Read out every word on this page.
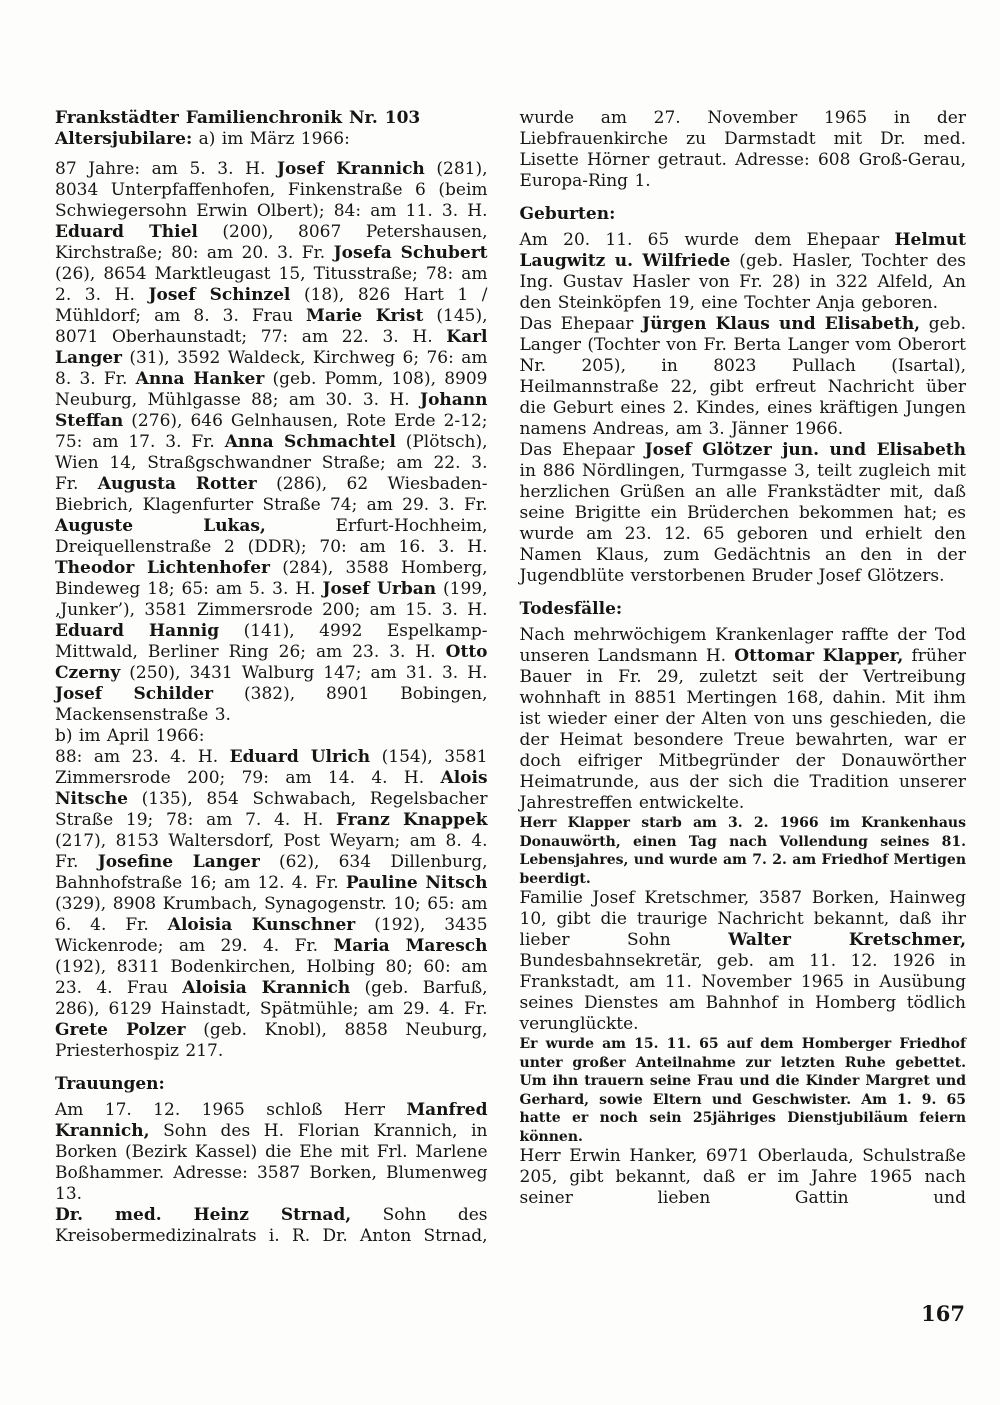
Frankstädter Familienchronik Nr. 103

Altersjubilare: a) im März 1966:

87 Jahre: am 5. 3. H. Josef Krannich (281), 8034 Unterpfaffenhofen, Finkenstraße 6 (beim Schwiegersohn Erwin Olbert); 84: am 11. 3. H. Eduard Thiel (200), 8067 Petershausen, Kirchstraße; 80: am 20. 3. Fr. Josefa Schubert (26), 8654 Marktleugast 15, Titusstraße; 78: am 2. 3. H. Josef Schinzel (18), 826 Hart 1 / Mühldorf; am 8. 3. Frau Marie Krist (145), 8071 Oberhaunstadt; 77: am 22. 3. H. Karl Langer (31), 3592 Waldeck, Kirchweg 6; 76: am 8. 3. Fr. Anna Hanker (geb. Pomm, 108), 8909 Neuburg, Mühlgasse 88; am 30. 3. H. Johann Steffan (276), 646 Gelnhausen, Rote Erde 2-12; 75: am 17. 3. Fr. Anna Schmachtel (Plötsch), Wien 14, Straßgschwandner Straße; am 22. 3. Fr. Augusta Rotter (286), 62 Wiesbaden-Biebrich, Klagenfurter Straße 74; am 29. 3. Fr. Auguste Lukas, Erfurt-Hochheim, Dreiquellenstraße 2 (DDR); 70: am 16. 3. H. Theodor Lichtenhofer (284), 3588 Homberg, Bindeweg 18; 65: am 5. 3. H. Josef Urban (199, ‚Junker’), 3581 Zimmersrode 200; am 15. 3. H. Eduard Hannig (141), 4992 Espelkamp-Mittwald, Berliner Ring 26; am 23. 3. H. Otto Czerny (250), 3431 Walburg 147; am 31. 3. H. Josef Schilder (382), 8901 Bobingen, Mackensenstraße 3.

b) im April 1966:

88: am 23. 4. H. Eduard Ulrich (154), 3581 Zimmersrode 200; 79: am 14. 4. H. Alois Nitsche (135), 854 Schwabach, Regelsbacher Straße 19; 78: am 7. 4. H. Franz Knappek (217), 8153 Waltersdorf, Post Weyarn; am 8. 4. Fr. Josefine Langer (62), 634 Dillenburg, Bahnhofstraße 16; am 12. 4. Fr. Pauline Nitsch (329), 8908 Krumbach, Synagogenstr. 10; 65: am 6. 4. Fr. Aloisia Kunschner (192), 3435 Wickenrode; am 29. 4. Fr. Maria Maresch (192), 8311 Bodenkirchen, Holbing 80; 60: am 23. 4. Frau Aloisia Krannich (geb. Barfuß, 286), 6129 Hainstadt, Spätmühle; am 29. 4. Fr. Grete Polzer (geb. Knobl), 8858 Neuburg, Priesterhospiz 217.

Trauungen:

Am 17. 12. 1965 schloß Herr Manfred Krannich, Sohn des H. Florian Krannich, in Borken (Bezirk Kassel) die Ehe mit Frl. Marlene Boßhammer. Adresse: 3587 Borken, Blumenweg 13.

Dr. med. Heinz Strnad, Sohn des Kreisobermedizinalrats i. R. Dr. Anton Strnad,

wurde am 27. November 1965 in der Liebfrauenkirche zu Darmstadt mit Dr. med. Lisette Hörner getraut. Adresse: 608 Groß-Gerau, Europa-Ring 1.

Geburten:

Am 20. 11. 65 wurde dem Ehepaar Helmut Laugwitz u. Wilfriede (geb. Hasler, Tochter des Ing. Gustav Hasler von Fr. 28) in 322 Alfeld, An den Steinköpfen 19, eine Tochter Anja geboren.

Das Ehepaar Jürgen Klaus und Elisabeth, geb. Langer (Tochter von Fr. Berta Langer vom Oberort Nr. 205), in 8023 Pullach (Isartal), Heilmannstraße 22, gibt erfreut Nachricht über die Geburt eines 2. Kindes, eines kräftigen Jungen namens Andreas, am 3. Jänner 1966.

Das Ehepaar Josef Glötzer jun. und Elisabeth in 886 Nördlingen, Turmgasse 3, teilt zugleich mit herzlichen Grüßen an alle Frankstädter mit, daß seine Brigitte ein Brüderchen bekommen hat; es wurde am 23. 12. 65 geboren und erhielt den Namen Klaus, zum Gedächtnis an den in der Jugendblüte verstorbenen Bruder Josef Glötzers.

Todesfälle:

Nach mehrwöchigem Krankenlager raffte der Tod unseren Landsmann H. Ottomar Klapper, früher Bauer in Fr. 29, zuletzt seit der Vertreibung wohnhaft in 8851 Mertingen 168, dahin. Mit ihm ist wieder einer der Alten von uns geschieden, die der Heimat besondere Treue bewahrten, war er doch eifriger Mitbegründer der Donauwörther Heimatrunde, aus der sich die Tradition unserer Jahrestreffen entwickelte.

Herr Klapper starb am 3. 2. 1966 im Krankenhaus Donauwörth, einen Tag nach Vollendung seines 81. Lebensjahres, und wurde am 7. 2. am Friedhof Mertigen beerdigt.

Familie Josef Kretschmer, 3587 Borken, Hainweg 10, gibt die traurige Nachricht bekannt, daß ihr lieber Sohn Walter Kretschmer, Bundesbahnsekretär, geb. am 11. 12. 1926 in Frankstadt, am 11. November 1965 in Ausübung seines Dienstes am Bahnhof in Homberg tödlich verunglückte.

Er wurde am 15. 11. 65 auf dem Homberger Friedhof unter großer Anteilnahme zur letzten Ruhe gebettet. Um ihn trauern seine Frau und die Kinder Margret und Gerhard, sowie Eltern und Geschwister. Am 1. 9. 65 hatte er noch sein 25jähriges Dienstjubiläum feiern können.

Herr Erwin Hanker, 6971 Oberlauda, Schulstraße 205, gibt bekannt, daß er im Jahre 1965 nach seiner lieben Gattin und

167
